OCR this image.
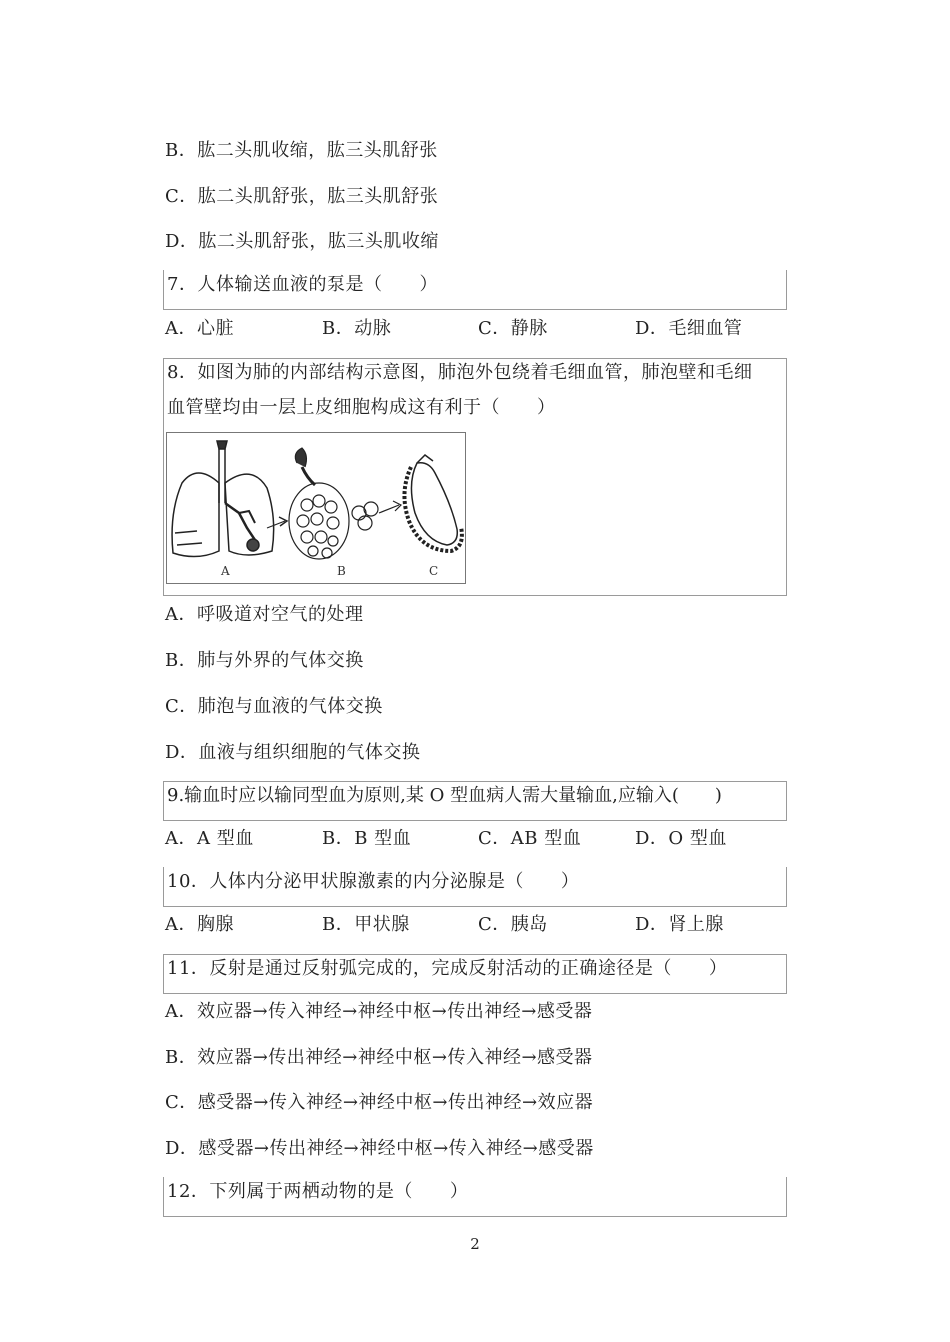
B．肱二头肌收缩，肱三头肌舒张
C．肱二头肌舒张，肱三头肌舒张
D．肱二头肌舒张，肱三头肌收缩
7．人体输送血液的泵是（　　）
A．心脏	B．动脉	C．静脉	D．毛细血管
8．如图为肺的内部结构示意图，肺泡外包绕着毛细血管，肺泡壁和毛细
血管壁均由一层上皮细胞构成这有利于（　　）
A	B	C
A．呼吸道对空气的处理
B．肺与外界的气体交换
C．肺泡与血液的气体交换
D．血液与组织细胞的气体交换
9.输血时应以输同型血为原则,某 O 型血病人需大量输血,应输入(　　)
A．A 型血	B．B 型血	C．AB 型血	D．O 型血
10．人体内分泌甲状腺激素的内分泌腺是（　　）
A．胸腺	B．甲状腺	C．胰岛	D．肾上腺
11．反射是通过反射弧完成的，完成反射活动的正确途径是（　　）
A．效应器→传入神经→神经中枢→传出神经→感受器
B．效应器→传出神经→神经中枢→传入神经→感受器
C．感受器→传入神经→神经中枢→传出神经→效应器
D．感受器→传出神经→神经中枢→传入神经→感受器
12．下列属于两栖动物的是（　　）
2
